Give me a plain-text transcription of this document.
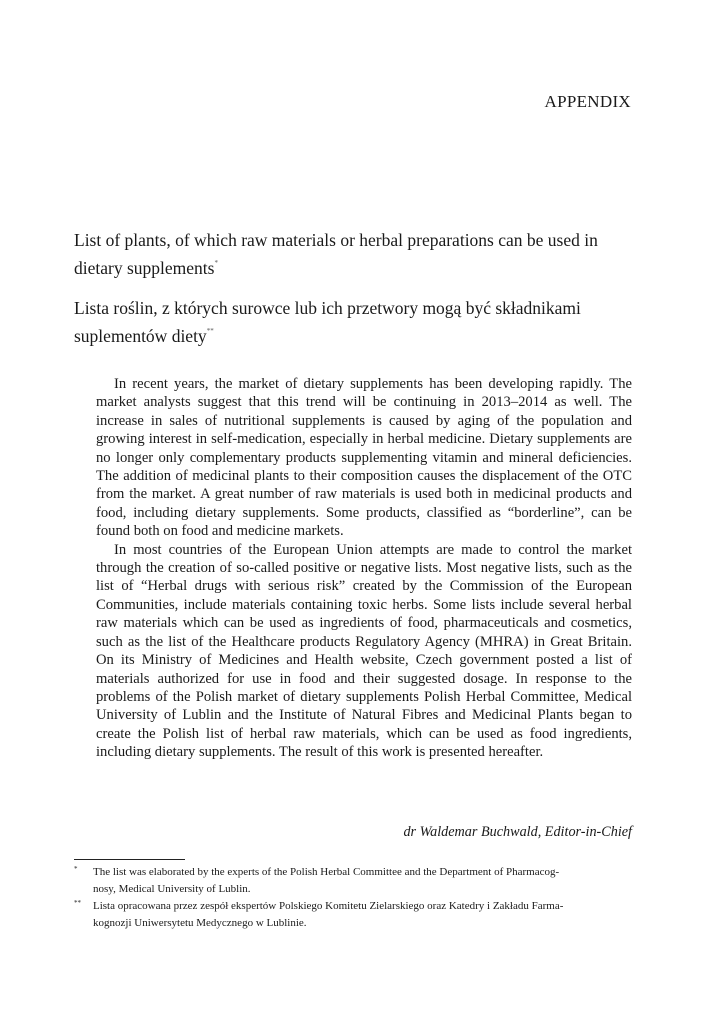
APPENDIX
List of plants, of which raw materials or herbal preparations can be used in dietary supplements*
Lista roślin, z których surowce lub ich przetwory mogą być składnikami suplementów diety**

In recent years, the market of dietary supplements has been developing rapidly. The market analysts suggest that this trend will be continuing in 2013–2014 as well. The increase in sales of nutritional supplements is caused by aging of the population and growing interest in self-medication, especially in herbal medicine. Dietary supplements are no longer only complementary products supplementing vitamin and mineral deficiencies. The addition of medicinal plants to their composition causes the displacement of the OTC from the market. A great number of raw materials is used both in medicinal products and food, including dietary supplements. Some products, classified as “borderline”, can be found both on food and medicine markets.

In most countries of the European Union attempts are made to control the market through the creation of so-called positive or negative lists. Most negative lists, such as the list of “Herbal drugs with serious risk” created by the Commission of the European Communities, include materials containing toxic herbs. Some lists include several herbal raw materials which can be used as ingredients of food, pharmaceuticals and cosmetics, such as the list of the Healthcare products Regulatory Agency (MHRA) in Great Britain. On its Ministry of Medicines and Health website, Czech government posted a list of materials authorized for use in food and their suggested dosage. In response to the problems of the Polish market of dietary supplements Polish Herbal Committee, Medical University of Lublin and the Institute of Natural Fibres and Medicinal Plants began to create the Polish list of herbal raw materials, which can be used as food ingredients, including dietary supplements. The result of this work is presented hereafter.

dr Waldemar Buchwald, Editor-in-Chief
*	The list was elaborated by the experts of the Polish Herbal Committee and the Department of Pharmacog-
nosy, Medical University of Lublin.
**	Lista opracowana przez zespół ekspertów Polskiego Komitetu Zielarskiego oraz Katedry i Zakładu Farma-
kognozji Uniwersytetu Medycznego w Lublinie.
